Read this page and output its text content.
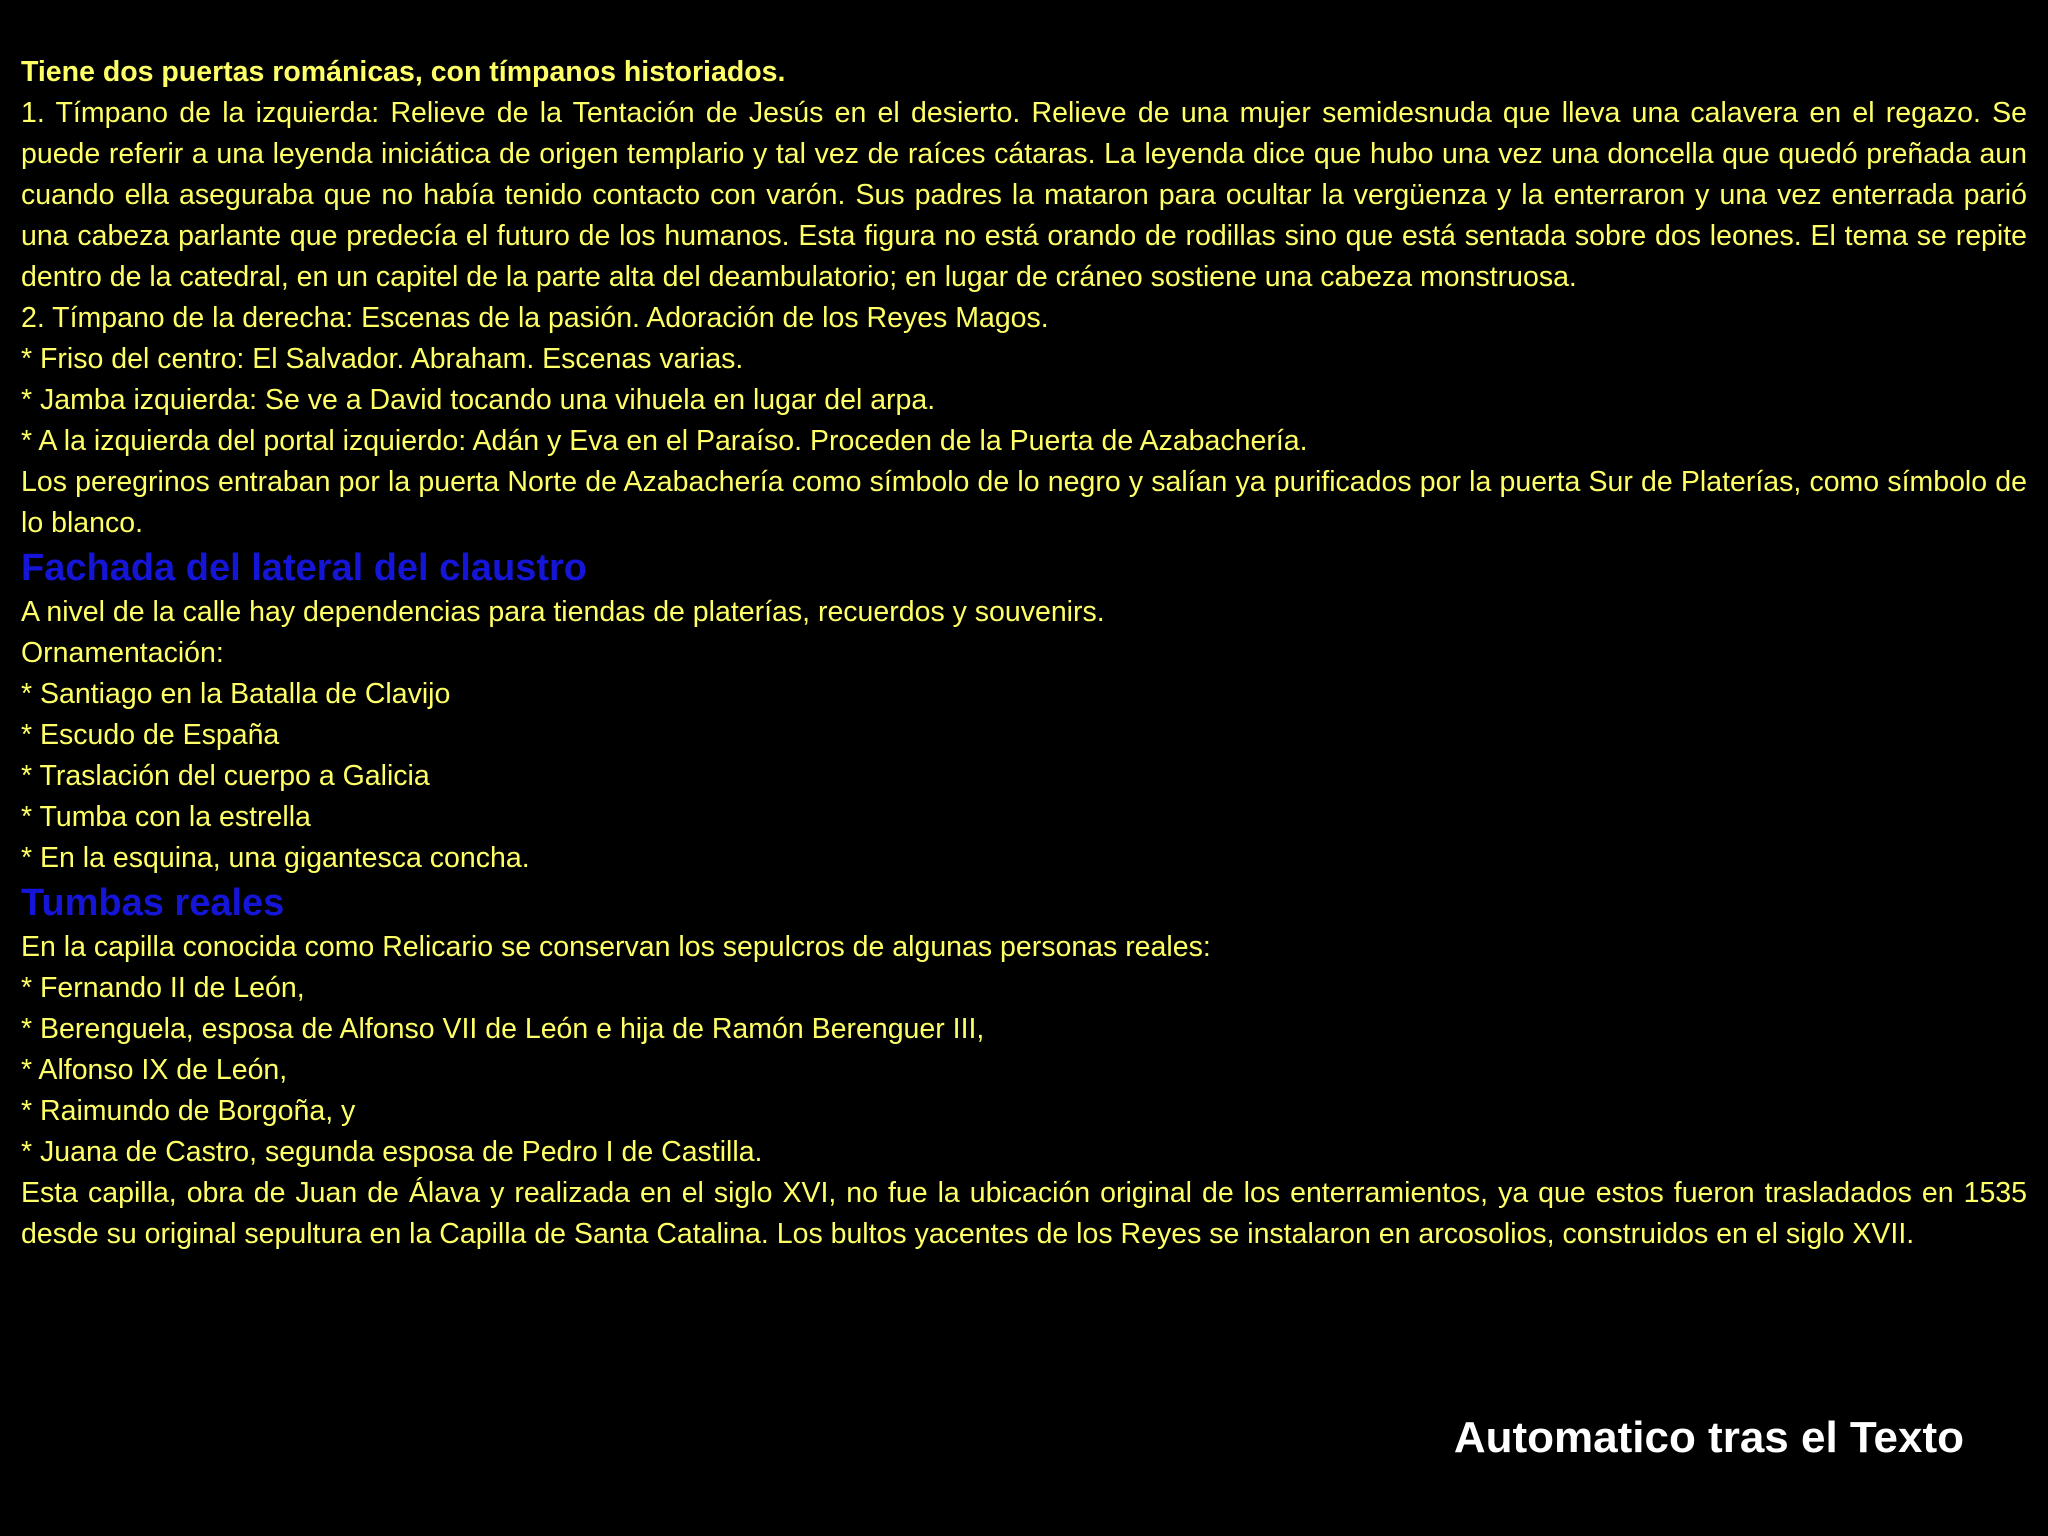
Tiene dos puertas románicas, con tímpanos historiados.

1. Tímpano de la izquierda: Relieve de la Tentación de Jesús en el desierto. Relieve de una mujer semidesnuda que lleva una calavera en el regazo. Se puede referir a una leyenda iniciática de origen templario y tal vez de raíces cátaras. La leyenda dice que hubo una vez una doncella que quedó preñada aun cuando ella aseguraba que no había tenido contacto con varón. Sus padres la mataron para ocultar la vergüenza y la enterraron y una vez enterrada parió una cabeza parlante que predecía el futuro de los humanos. Esta figura no está orando de rodillas sino que está sentada sobre dos leones. El tema se repite dentro de la catedral, en un capitel de la parte alta del deambulatorio; en lugar de cráneo sostiene una cabeza monstruosa.

2. Tímpano de la derecha: Escenas de la pasión. Adoración de los Reyes Magos.

* Friso del centro: El Salvador. Abraham. Escenas varias.

* Jamba izquierda: Se ve a David tocando una vihuela en lugar del arpa.

* A la izquierda del portal izquierdo: Adán y Eva en el Paraíso. Proceden de la Puerta de Azabachería.

Los peregrinos entraban por la puerta Norte de Azabachería como símbolo de lo negro y salían ya purificados por la puerta Sur de Platerías, como símbolo de lo blanco.

Fachada del lateral del claustro

A nivel de la calle hay dependencias para tiendas de platerías, recuerdos y souvenirs.

Ornamentación:

* Santiago en la Batalla de Clavijo

* Escudo de España

* Traslación del cuerpo a Galicia

* Tumba con la estrella

* En la esquina, una gigantesca concha.

Tumbas reales

En la capilla conocida como Relicario se conservan los sepulcros de algunas personas reales:

* Fernando II de León,

* Berenguela, esposa de Alfonso VII de León e hija de Ramón Berenguer III,

* Alfonso IX de León,

* Raimundo de Borgoña, y

* Juana de Castro, segunda esposa de Pedro I de Castilla.

Esta capilla, obra de Juan de Álava y realizada en el siglo XVI, no fue la ubicación original de los enterramientos, ya que estos fueron trasladados en 1535 desde su original sepultura en la Capilla de Santa Catalina. Los bultos yacentes de los Reyes se instalaron en arcosolios, construidos en el siglo XVII.

Automatico tras el Texto
